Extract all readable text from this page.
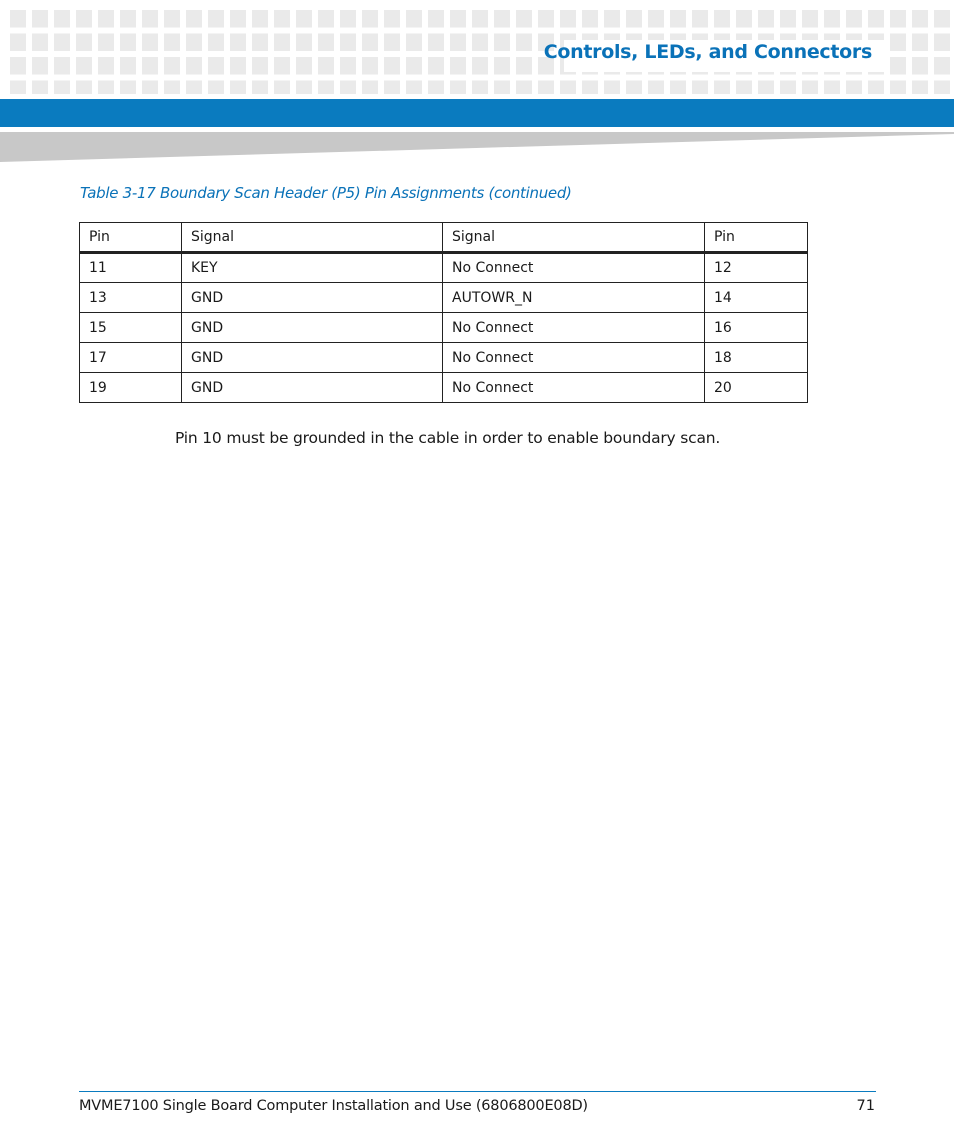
Controls, LEDs, and Connectors
Table 3-17 Boundary Scan Header (P5) Pin Assignments (continued)
Pin	Signal	Signal	Pin
11	KEY	No Connect	12
13	GND	AUTOWR_N	14
15	GND	No Connect	16
17	GND	No Connect	18
19	GND	No Connect	20

Pin 10 must be grounded in the cable in order to enable boundary scan.

MVME7100 Single Board Computer Installation and Use (6806800E08D)	71
